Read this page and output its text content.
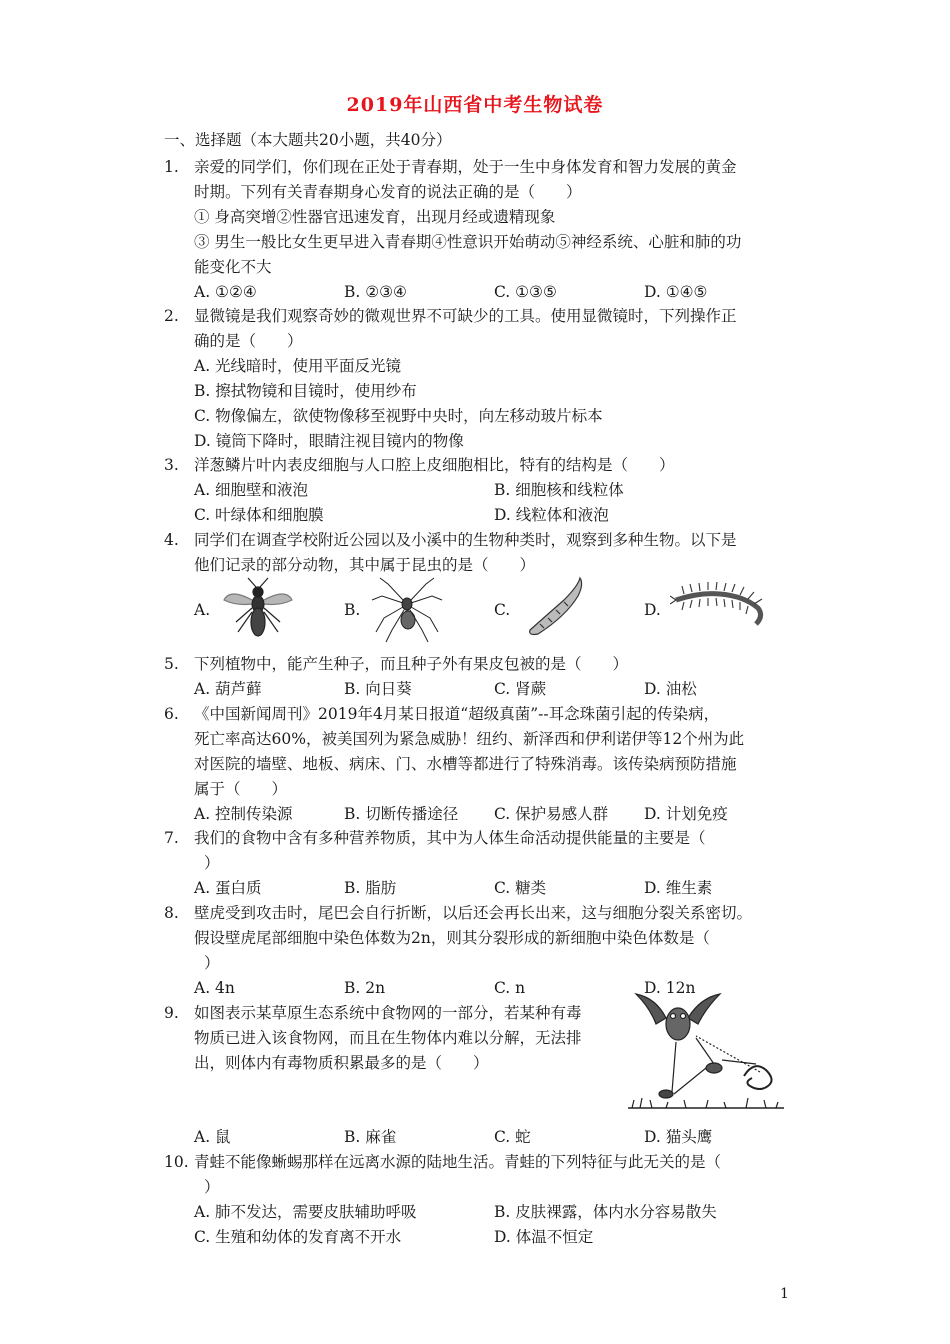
2019年山西省中考生物试卷
一、选择题（本大题共20小题，共40分）
1. 亲爱的同学们，你们现在正处于青春期，处于一生中身体发育和智力发展的黄金
时期。下列有关青春期身心发育的说法正确的是（　　）
① 身高突增②性器官迅速发育，出现月经或遗精现象
③ 男生一般比女生更早进入青春期④性意识开始萌动⑤神经系统、心脏和肺的功
能变化不大
A. ①②④	B. ②③④	C. ①③⑤	D. ①④⑤
2. 显微镜是我们观察奇妙的微观世界不可缺少的工具。使用显微镜时，下列操作正
确的是（　　）
A. 光线暗时，使用平面反光镜
B. 擦拭物镜和目镜时，使用纱布
C. 物像偏左，欲使物像移至视野中央时，向左移动玻片标本
D. 镜筒下降时，眼睛注视目镜内的物像
3. 洋葱鳞片叶内表皮细胞与人口腔上皮细胞相比，特有的结构是（　　）
A. 细胞壁和液泡	B. 细胞核和线粒体
C. 叶绿体和细胞膜	D. 线粒体和液泡
4. 同学们在调查学校附近公园以及小溪中的生物种类时，观察到多种生物。以下是
他们记录的部分动物，其中属于昆虫的是（　　）
A.	B.	C.	D.
5. 下列植物中，能产生种子，而且种子外有果皮包被的是（　　）
A. 葫芦藓	B. 向日葵	C. 肾蕨	D. 油松
6. 《中国新闻周刊》2019年4月某日报道“超级真菌”--耳念珠菌引起的传染病，
死亡率高达60%，被美国列为紧急威胁！纽约、新泽西和伊利诺伊等12个州为此
对医院的墙壁、地板、病床、门、水槽等都进行了特殊消毒。该传染病预防措施
属于（　　）
A. 控制传染源	B. 切断传播途径 C. 保护易感人群 D. 计划免疫
7. 我们的食物中含有多种营养物质，其中为人体生命活动提供能量的主要是（
）
A. 蛋白质	B. 脂肪	C. 糖类	D. 维生素
8. 壁虎受到攻击时，尾巴会自行折断，以后还会再长出来，这与细胞分裂关系密切。
假设壁虎尾部细胞中染色体数为2n，则其分裂形成的新细胞中染色体数是（
）
A. 4n	B. 2n	C. n	D. 12n
9. 如图表示某草原生态系统中食物网的一部分，若某种有毒
物质已进入该食物网，而且在生物体内难以分解，无法排
出，则体内有毒物质积累最多的是（　　）
A. 鼠	B. 麻雀	C. 蛇	D. 猫头鹰
10. 青蛙不能像蜥蜴那样在远离水源的陆地生活。青蛙的下列特征与此无关的是（
）
A. 肺不发达，需要皮肤辅助呼吸	B. 皮肤裸露，体内水分容易散失
C. 生殖和幼体的发育离不开水	D. 体温不恒定
1
